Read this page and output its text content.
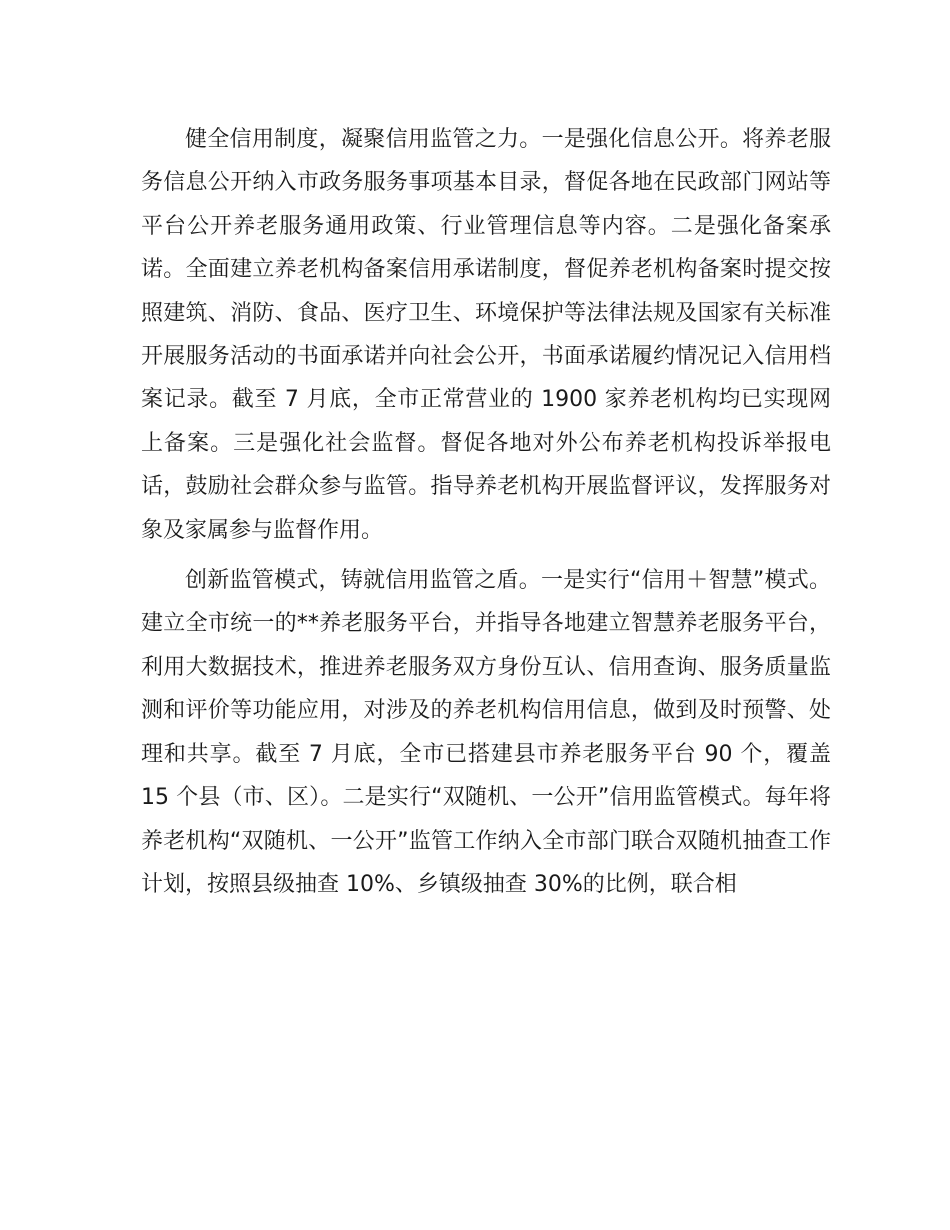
健全信用制度，凝聚信用监管之力。一是强化信息公开。将养老服务信息公开纳入市政务服务事项基本目录，督促各地在民政部门网站等平台公开养老服务通用政策、行业管理信息等内容。二是强化备案承诺。全面建立养老机构备案信用承诺制度，督促养老机构备案时提交按照建筑、消防、食品、医疗卫生、环境保护等法律法规及国家有关标准开展服务活动的书面承诺并向社会公开，书面承诺履约情况记入信用档案记录。截至 7 月底，全市正常营业的 1900 家养老机构均已实现网上备案。三是强化社会监督。督促各地对外公布养老机构投诉举报电话，鼓励社会群众参与监管。指导养老机构开展监督评议，发挥服务对象及家属参与监督作用。

创新监管模式，铸就信用监管之盾。一是实行“信用＋智慧”模式。建立全市统一的**养老服务平台，并指导各地建立智慧养老服务平台，利用大数据技术，推进养老服务双方身份互认、信用查询、服务质量监测和评价等功能应用，对涉及的养老机构信用信息，做到及时预警、处理和共享。截至 7 月底，全市已搭建县市养老服务平台 90 个，覆盖 15 个县（市、区）。二是实行“双随机、一公开”信用监管模式。每年将养老机构“双随机、一公开”监管工作纳入全市部门联合双随机抽查工作计划，按照县级抽查 10%、乡镇级抽查 30%的比例，联合相
